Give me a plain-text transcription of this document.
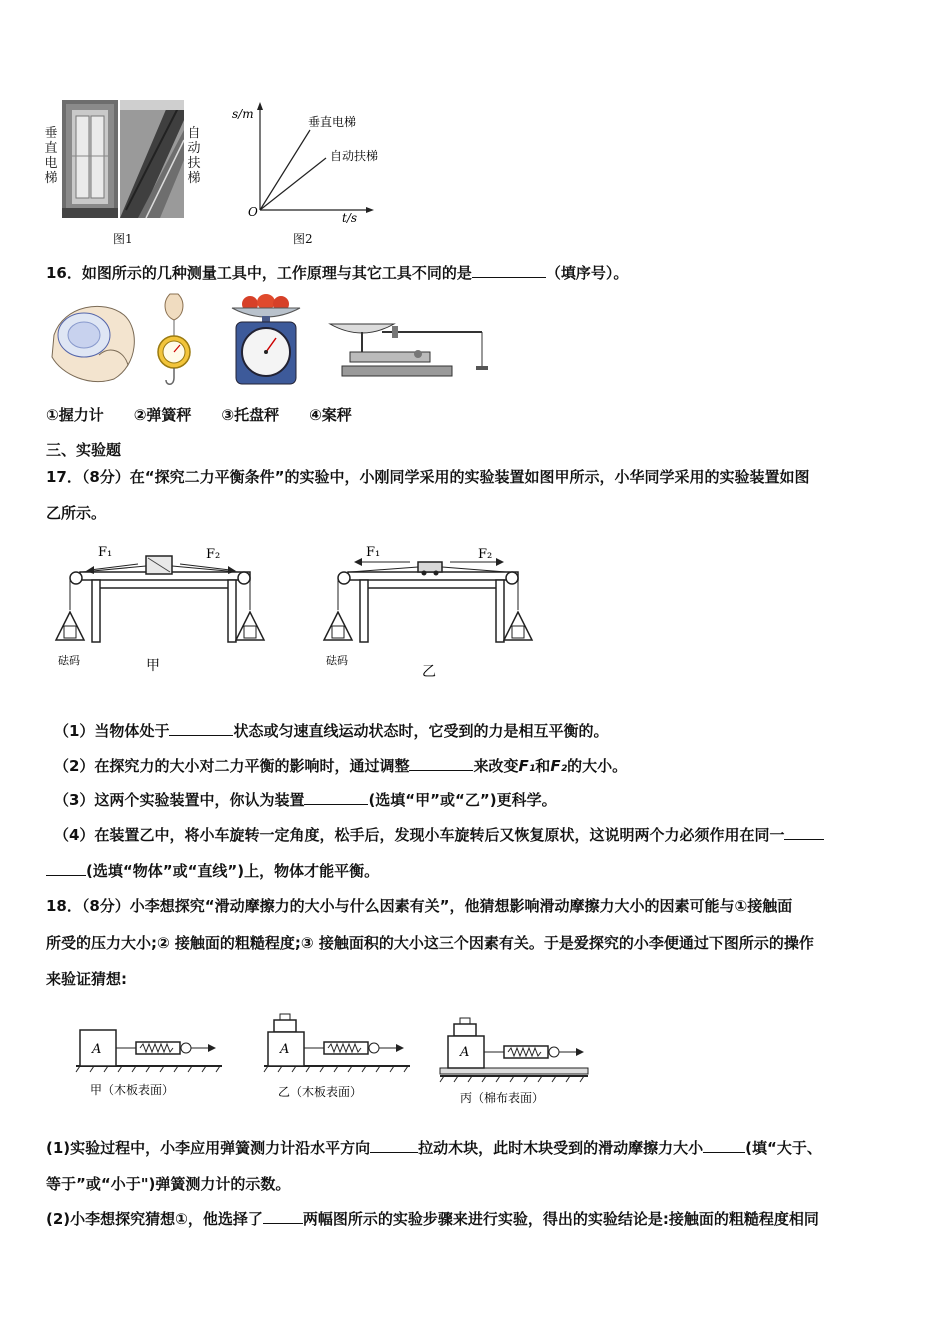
垂直电梯
自动扶梯
图1
s/m
t/s
O
垂直电梯
自动扶梯
图2
16．如图所示的几种测量工具中，工作原理与其它工具不同的是	（填序号）。
①握力计　　②弹簧秤　　③托盘秤　　④案秤
三、实验题
17．（8分）在“探究二力平衡条件”的实验中，小刚同学采用的实验装置如图甲所示，小华同学采用的实验装置如图
乙所示。
F₁	F₂
砝码	甲
F₁	F₂
砝码
乙
（1）当物体处于	状态或匀速直线运动状态时，它受到的力是相互平衡的。
（2）在探究力的大小对二力平衡的影响时，通过调整	来改变F₁和F₂的大小。
（3）这两个实验装置中，你认为装置	(选填“甲”或“乙”)更科学。
（4）在装置乙中，将小车旋转一定角度，松手后，发现小车旋转后又恢复原状，这说明两个力必须作用在同一
(选填“物体”或“直线”)上，物体才能平衡。
18．（8分）小李想探究“滑动摩擦力的大小与什么因素有关”，他猜想影响滑动摩擦力大小的因素可能与①接触面
所受的压力大小;② 接触面的粗糙程度;③ 接触面积的大小这三个因素有关。于是爱探究的小李便通过下图所示的操作
来验证猜想:
A
甲（木板表面）
A
乙（木板表面）
A
丙（棉布表面）
(1)实验过程中，小李应用弹簧测力计沿水平方向	拉动木块，此时木块受到的滑动摩擦力大小	(填“大于、
等于”或“小于")弹簧测力计的示数。
(2)小李想探究猜想①，他选择了	两幅图所示的实验步骤来进行实验，得出的实验结论是:接触面的粗糙程度相同
